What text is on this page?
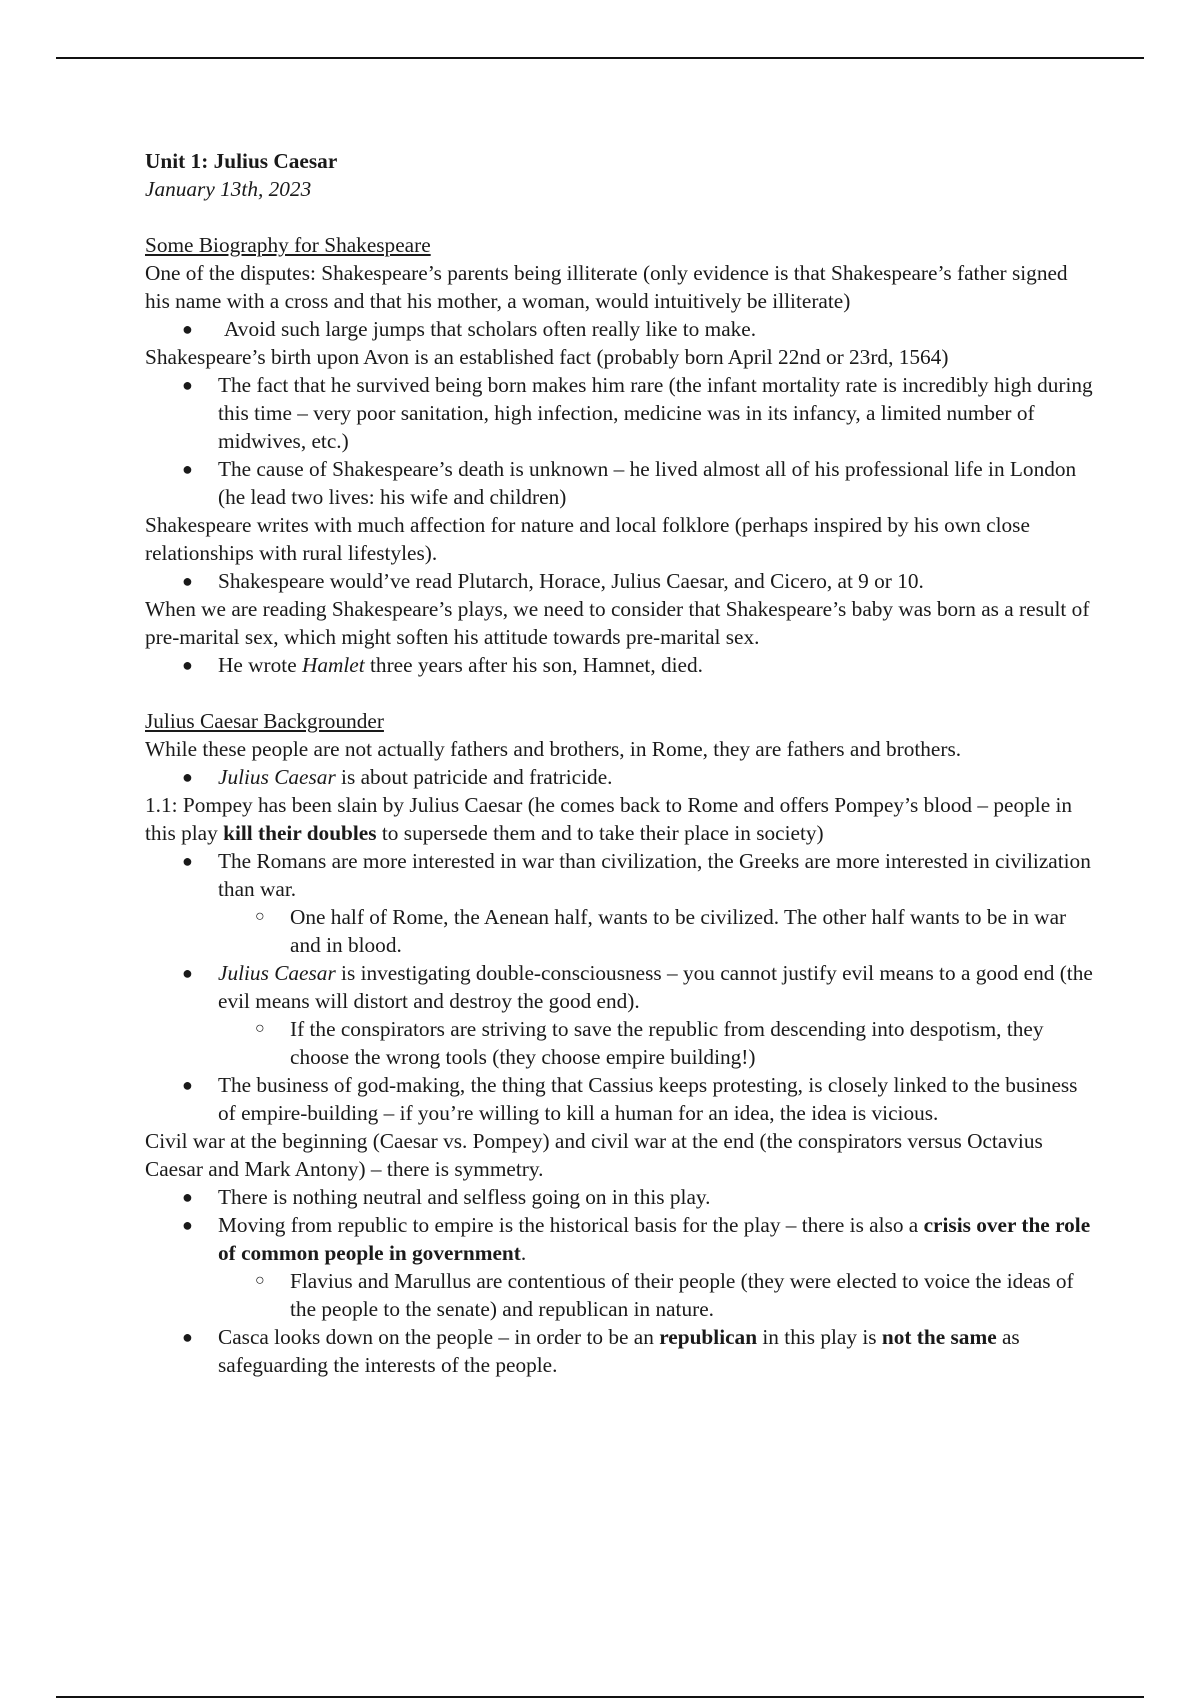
Unit 1: Julius Caesar

January 13th, 2023

Some Biography for Shakespeare

One of the disputes: Shakespeare’s parents being illiterate (only evidence is that Shakespeare’s father signed his name with a cross and that his mother, a woman, would intuitively be illiterate)

● Avoid such large jumps that scholars often really like to make.

Shakespeare’s birth upon Avon is an established fact (probably born April 22nd or 23rd, 1564)

● The fact that he survived being born makes him rare (the infant mortality rate is incredibly high during this time – very poor sanitation, high infection, medicine was in its infancy, a limited number of midwives, etc.)

● The cause of Shakespeare’s death is unknown – he lived almost all of his professional life in London (he lead two lives: his wife and children)

Shakespeare writes with much affection for nature and local folklore (perhaps inspired by his own close relationships with rural lifestyles).

● Shakespeare would’ve read Plutarch, Horace, Julius Caesar, and Cicero, at 9 or 10.

When we are reading Shakespeare’s plays, we need to consider that Shakespeare’s baby was born as a result of pre-marital sex, which might soften his attitude towards pre-marital sex.

● He wrote Hamlet three years after his son, Hamnet, died.

Julius Caesar Backgrounder

While these people are not actually fathers and brothers, in Rome, they are fathers and brothers.

● Julius Caesar is about patricide and fratricide.

1.1: Pompey has been slain by Julius Caesar (he comes back to Rome and offers Pompey’s blood – people in this play kill their doubles to supersede them and to take their place in society)

● The Romans are more interested in war than civilization, the Greeks are more interested in civilization than war.

○ One half of Rome, the Aenean half, wants to be civilized. The other half wants to be in war and in blood.

● Julius Caesar is investigating double-consciousness – you cannot justify evil means to a good end (the evil means will distort and destroy the good end).

○ If the conspirators are striving to save the republic from descending into despotism, they choose the wrong tools (they choose empire building!)

● The business of god-making, the thing that Cassius keeps protesting, is closely linked to the business of empire-building – if you’re willing to kill a human for an idea, the idea is vicious.

Civil war at the beginning (Caesar vs. Pompey) and civil war at the end (the conspirators versus Octavius Caesar and Mark Antony) – there is symmetry.

● There is nothing neutral and selfless going on in this play.

● Moving from republic to empire is the historical basis for the play – there is also a crisis over the role of common people in government.

○ Flavius and Marullus are contentious of their people (they were elected to voice the ideas of the people to the senate) and republican in nature.

● Casca looks down on the people – in order to be an republican in this play is not the same as safeguarding the interests of the people.
